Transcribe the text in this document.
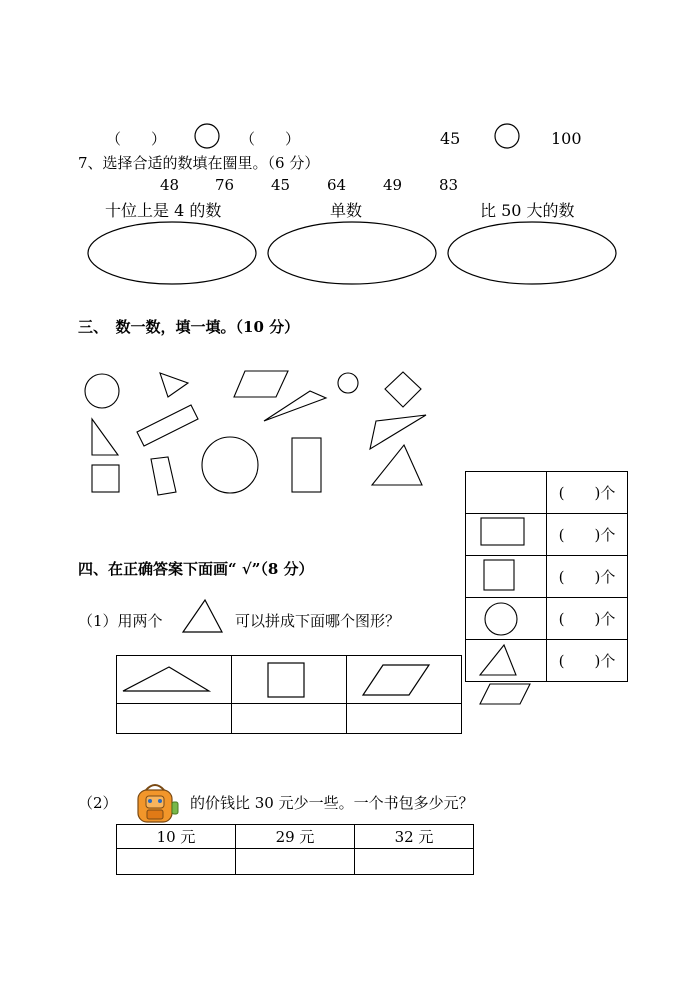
（　　）	（　　）	45	100
7、选择合适的数填在圈里。（6 分）
48 76 45 64 49 83
十位上是 4 的数	单数	比 50 大的数
三、　数一数，填一填。（10 分）
	(　　)个

	(　　)个

	(　　)个

	(　　)个

	(　　)个
四、在正确答案下面画“ √”（8 分）
（1）用两个	可以拼成下面哪个图形？

（2）	的价钱比 30 元少一些。一个书包多少元？
10 元	29 元	32 元
